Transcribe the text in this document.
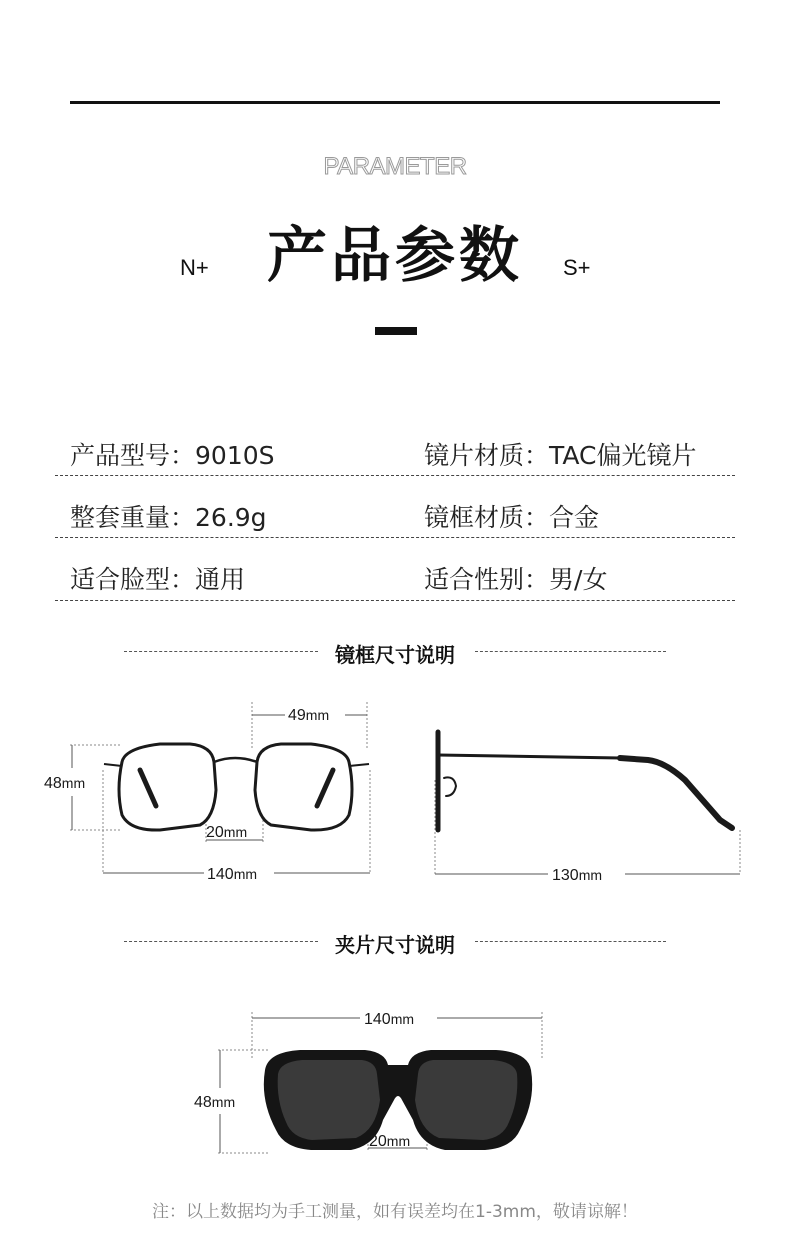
PARAMETER
N+ 产品参数	S+
产品型号：9010S	镜片材质：TAC偏光镜片
整套重量：26.9g	镜框材质：合金
适合脸型：通用	适合性别：男/女
镜框尺寸说明
49mm
48mm
20mm
140mm	130mm
夹片尺寸说明
140mm
48mm
20mm
注：以上数据均为手工测量，如有误差均在1-3mm，敬请谅解！
